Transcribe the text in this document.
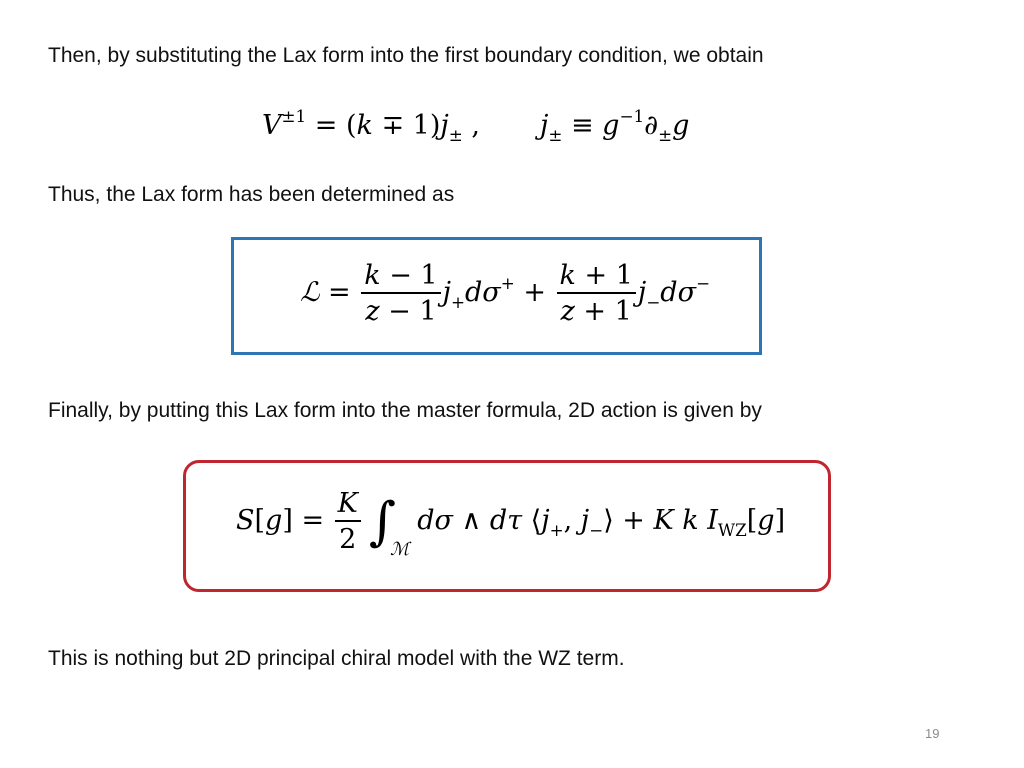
Then, by substituting the Lax form into the first boundary condition, we obtain
$V^{\pm 1} = (k \mp 1)j_\pm$ , $j_\pm \equiv g^{-1}\partial_\pm g$
Thus, the Lax form has been determined as
ℒ = $\frac{k - 1}{z - 1} j_+d\sigma^+ + \frac{k + 1}{z + 1} j_-d\sigma^-$
Finally, by putting this Lax form into the master formula, 2D action is given by
$S[g] = \frac{K}{2}$ ∫ℳdσ ∧ dτ $⟨j_+$, $j_-⟩ + K$ k $I_{WZ}[g]$
This is nothing but 2D principal chiral model with the WZ term.
19
